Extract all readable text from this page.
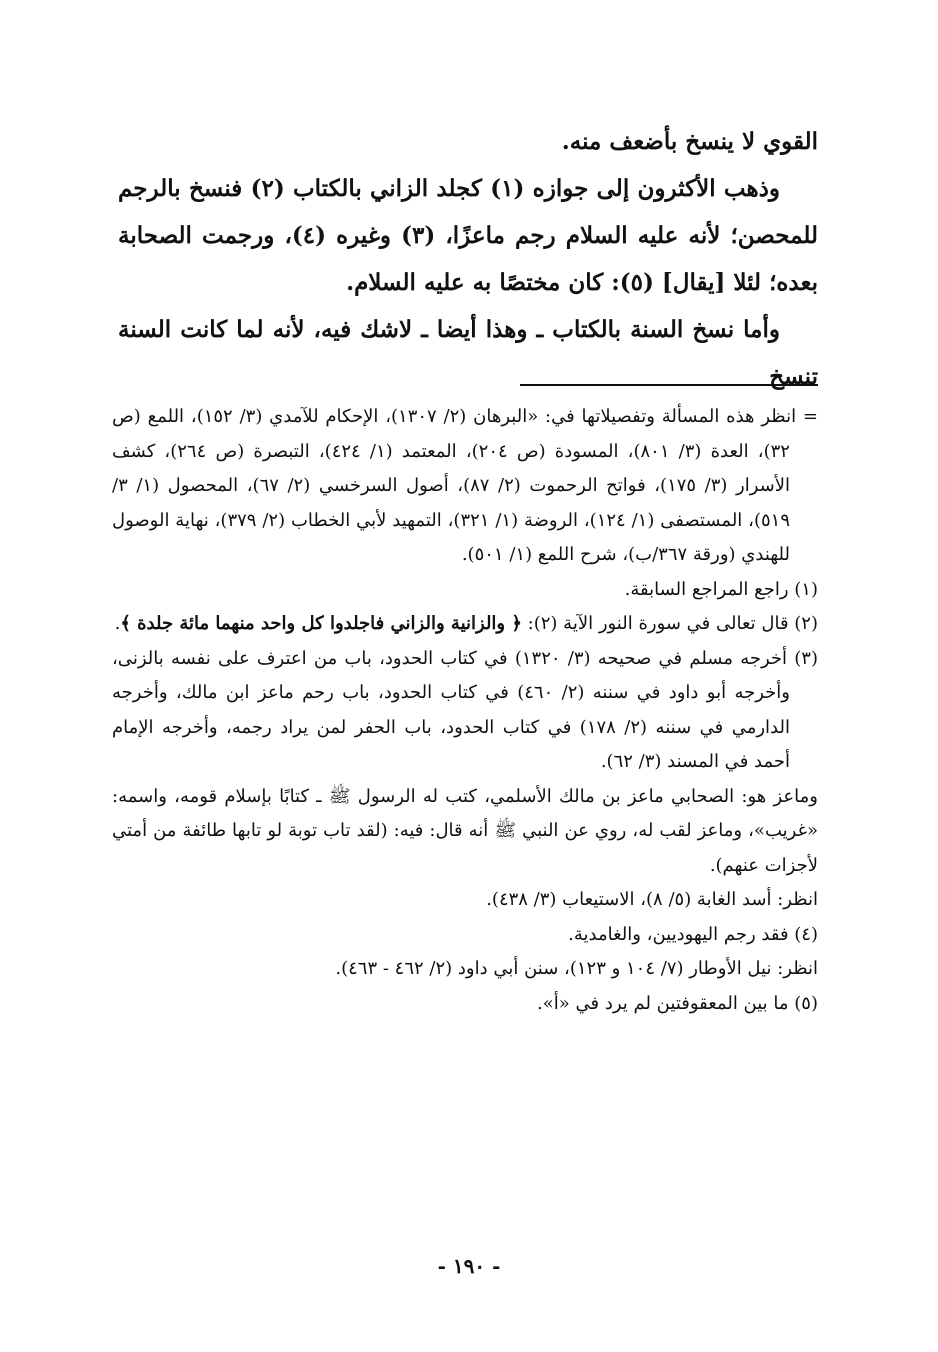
القوي لا ينسخ بأضعف منه.

وذهب الأكثرون إلى جوازه (١) كجلد الزاني بالكتاب (٢) فنسخ بالرجم للمحصن؛ لأنه عليه السلام رجم ماعزًا، (٣) وغيره (٤)، ورجمت الصحابة بعده؛ لئلا [يقال] (٥): كان مختصًا به عليه السلام.

وأما نسخ السنة بالكتاب ـ وهذا أيضا ـ لاشك فيه، لأنه لما كانت السنة تنسخ

= انظر هذه المسألة وتفصيلاتها في: «البرهان (٢/ ١٣٠٧)، الإحكام للآمدي (٣/ ١٥٢)، اللمع (ص ٣٢)، العدة (٣/ ٨٠١)، المسودة (ص ٢٠٤)، المعتمد (١/ ٤٢٤)، التبصرة (ص ٢٦٤)، كشف الأسرار (٣/ ١٧٥)، فواتح الرحموت (٢/ ٨٧)، أصول السرخسي (٢/ ٦٧)، المحصول (١/ ٣/ ٥١٩)، المستصفى (١/ ١٢٤)، الروضة (١/ ٣٢١)، التمهيد لأبي الخطاب (٢/ ٣٧٩)، نهاية الوصول للهندي (ورقة ٣٦٧/ب)، شرح اللمع (١/ ٥٠١).

(١) راجع المراجع السابقة.

(٢) قال تعالى في سورة النور الآية (٢): ﴿ والزانية والزاني فاجلدوا كل واحد منهما مائة جلدة ﴾.

(٣) أخرجه مسلم في صحيحه (٣/ ١٣٢٠) في كتاب الحدود، باب من اعترف على نفسه بالزنى، وأخرجه أبو داود في سننه (٢/ ٤٦٠) في كتاب الحدود، باب رحم ماعز ابن مالك، وأخرجه الدارمي في سننه (٢/ ١٧٨) في كتاب الحدود، باب الحفر لمن يراد رجمه، وأخرجه الإمام أحمد في المسند (٣/ ٦٢).

وماعز هو: الصحابي ماعز بن مالك الأسلمي، كتب له الرسول ﷺ ـ كتابًا بإسلام قومه، واسمه: «غريب»، وماعز لقب له، روي عن النبي ﷺ أنه قال: فيه: (لقد تاب توبة لو تابها طائفة من أمتي لأجزات عنهم).

انظر: أسد الغابة (٥/ ٨)، الاستيعاب (٣/ ٤٣٨).

(٤) فقد رجم اليهوديين، والغامدية.

انظر: نيل الأوطار (٧/ ١٠٤ و ١٢٣)، سنن أبي داود (٢/ ٤٦٢ - ٤٦٣).

(٥) ما بين المعقوفتين لم يرد في «أ».

- ١٩٠ -
